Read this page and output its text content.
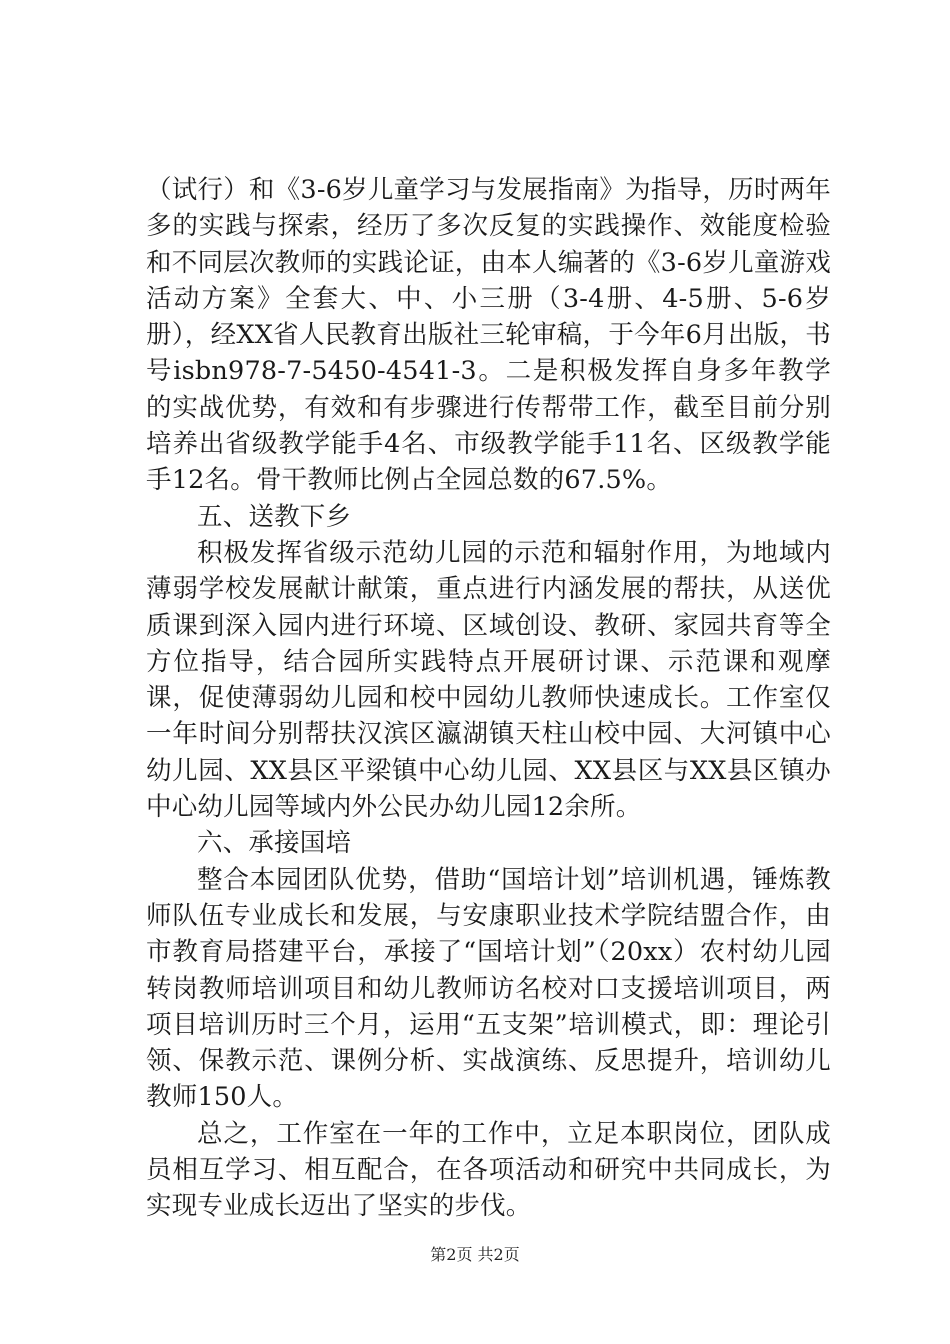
（试行）和《3-6岁儿童学习与发展指南》为指导，历时两年多的实践与探索，经历了多次反复的实践操作、效能度检验和不同层次教师的实践论证，由本人编著的《3-6岁儿童游戏活动方案》全套大、中、小三册（3-4册、4-5册、5-6岁册），经XX省人民教育出版社三轮审稿，于今年6月出版，书号isbn978-7-5450-4541-3。二是积极发挥自身多年教学的实战优势，有效和有步骤进行传帮带工作，截至目前分别培养出省级教学能手4名、市级教学能手11名、区级教学能手12名。骨干教师比例占全园总数的67.5%。

五、送教下乡

积极发挥省级示范幼儿园的示范和辐射作用，为地域内薄弱学校发展献计献策，重点进行内涵发展的帮扶，从送优质课到深入园内进行环境、区域创设、教研、家园共育等全方位指导，结合园所实践特点开展研讨课、示范课和观摩课，促使薄弱幼儿园和校中园幼儿教师快速成长。工作室仅一年时间分别帮扶汉滨区瀛湖镇天柱山校中园、大河镇中心幼儿园、XX县区平梁镇中心幼儿园、XX县区与XX县区镇办中心幼儿园等域内外公民办幼儿园12余所。

六、承接国培

整合本园团队优势，借助“国培计划”培训机遇，锤炼教师队伍专业成长和发展，与安康职业技术学院结盟合作，由市教育局搭建平台，承接了“国培计划”（20xx）农村幼儿园转岗教师培训项目和幼儿教师访名校对口支援培训项目，两项目培训历时三个月，运用“五支架”培训模式，即：理论引领、保教示范、课例分析、实战演练、反思提升，培训幼儿教师150人。

总之，工作室在一年的工作中，立足本职岗位，团队成员相互学习、相互配合，在各项活动和研究中共同成长，为实现专业成长迈出了坚实的步伐。

第2页 共2页
